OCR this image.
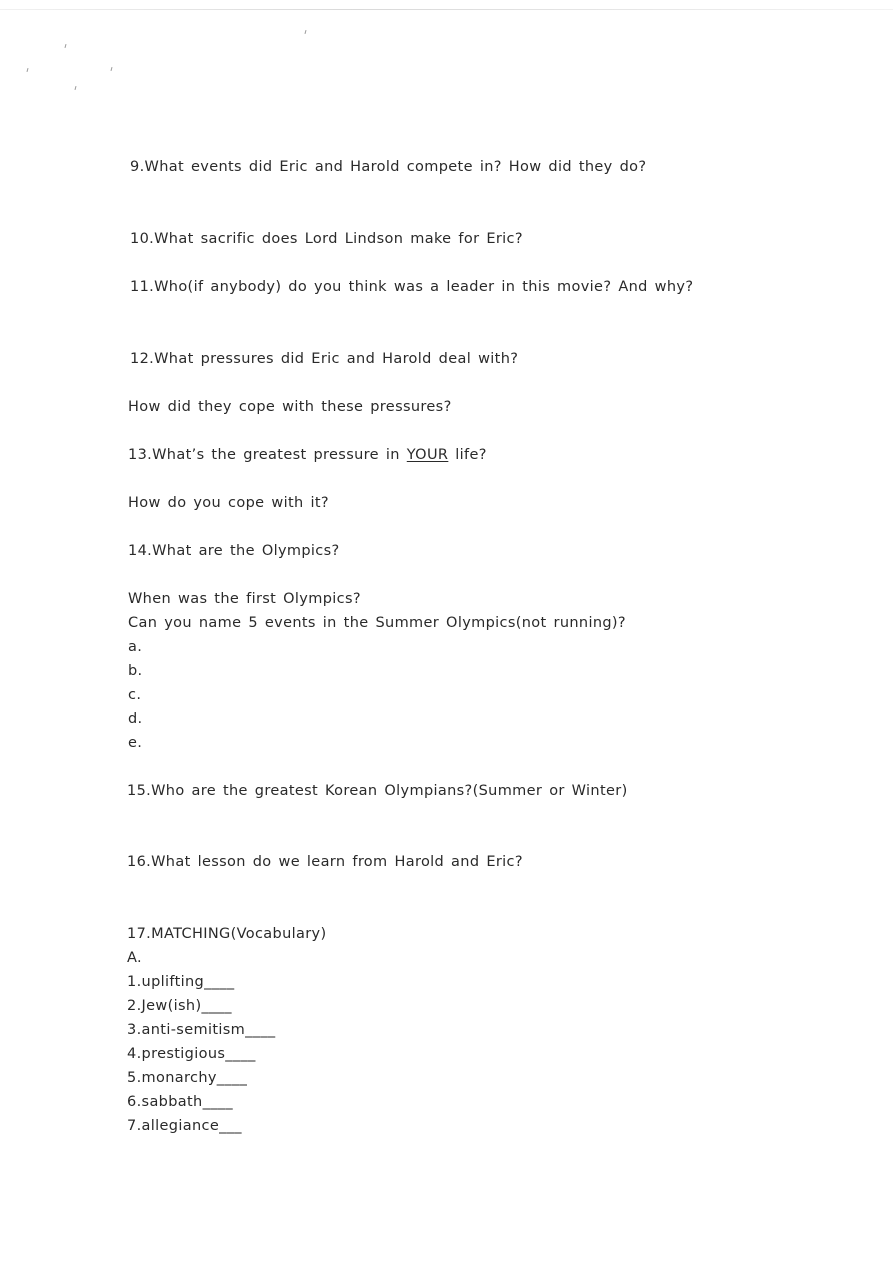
9.What events did Eric and Harold compete in? How did they do?
10.What sacrific does Lord Lindson make for Eric?
11.Who(if anybody) do you think was a leader in this movie? And why?
12.What pressures did Eric and Harold deal with?
How did they cope with these pressures?
13.What’s the greatest pressure in YOUR life?
How do you cope with it?
14.What are the Olympics?
When was the first Olympics?
Can you name 5 events in the Summer Olympics(not running)?
a.
b.
c.
d.
e.
15.Who are the greatest Korean Olympians?(Summer or Winter)
16.What lesson do we learn from Harold and Eric?
17.MATCHING(Vocabulary)
A.
1.uplifting____
2.Jew(ish)____
3.anti-semitism____
4.prestigious____
5.monarchy____
6.sabbath____
7.allegiance___
